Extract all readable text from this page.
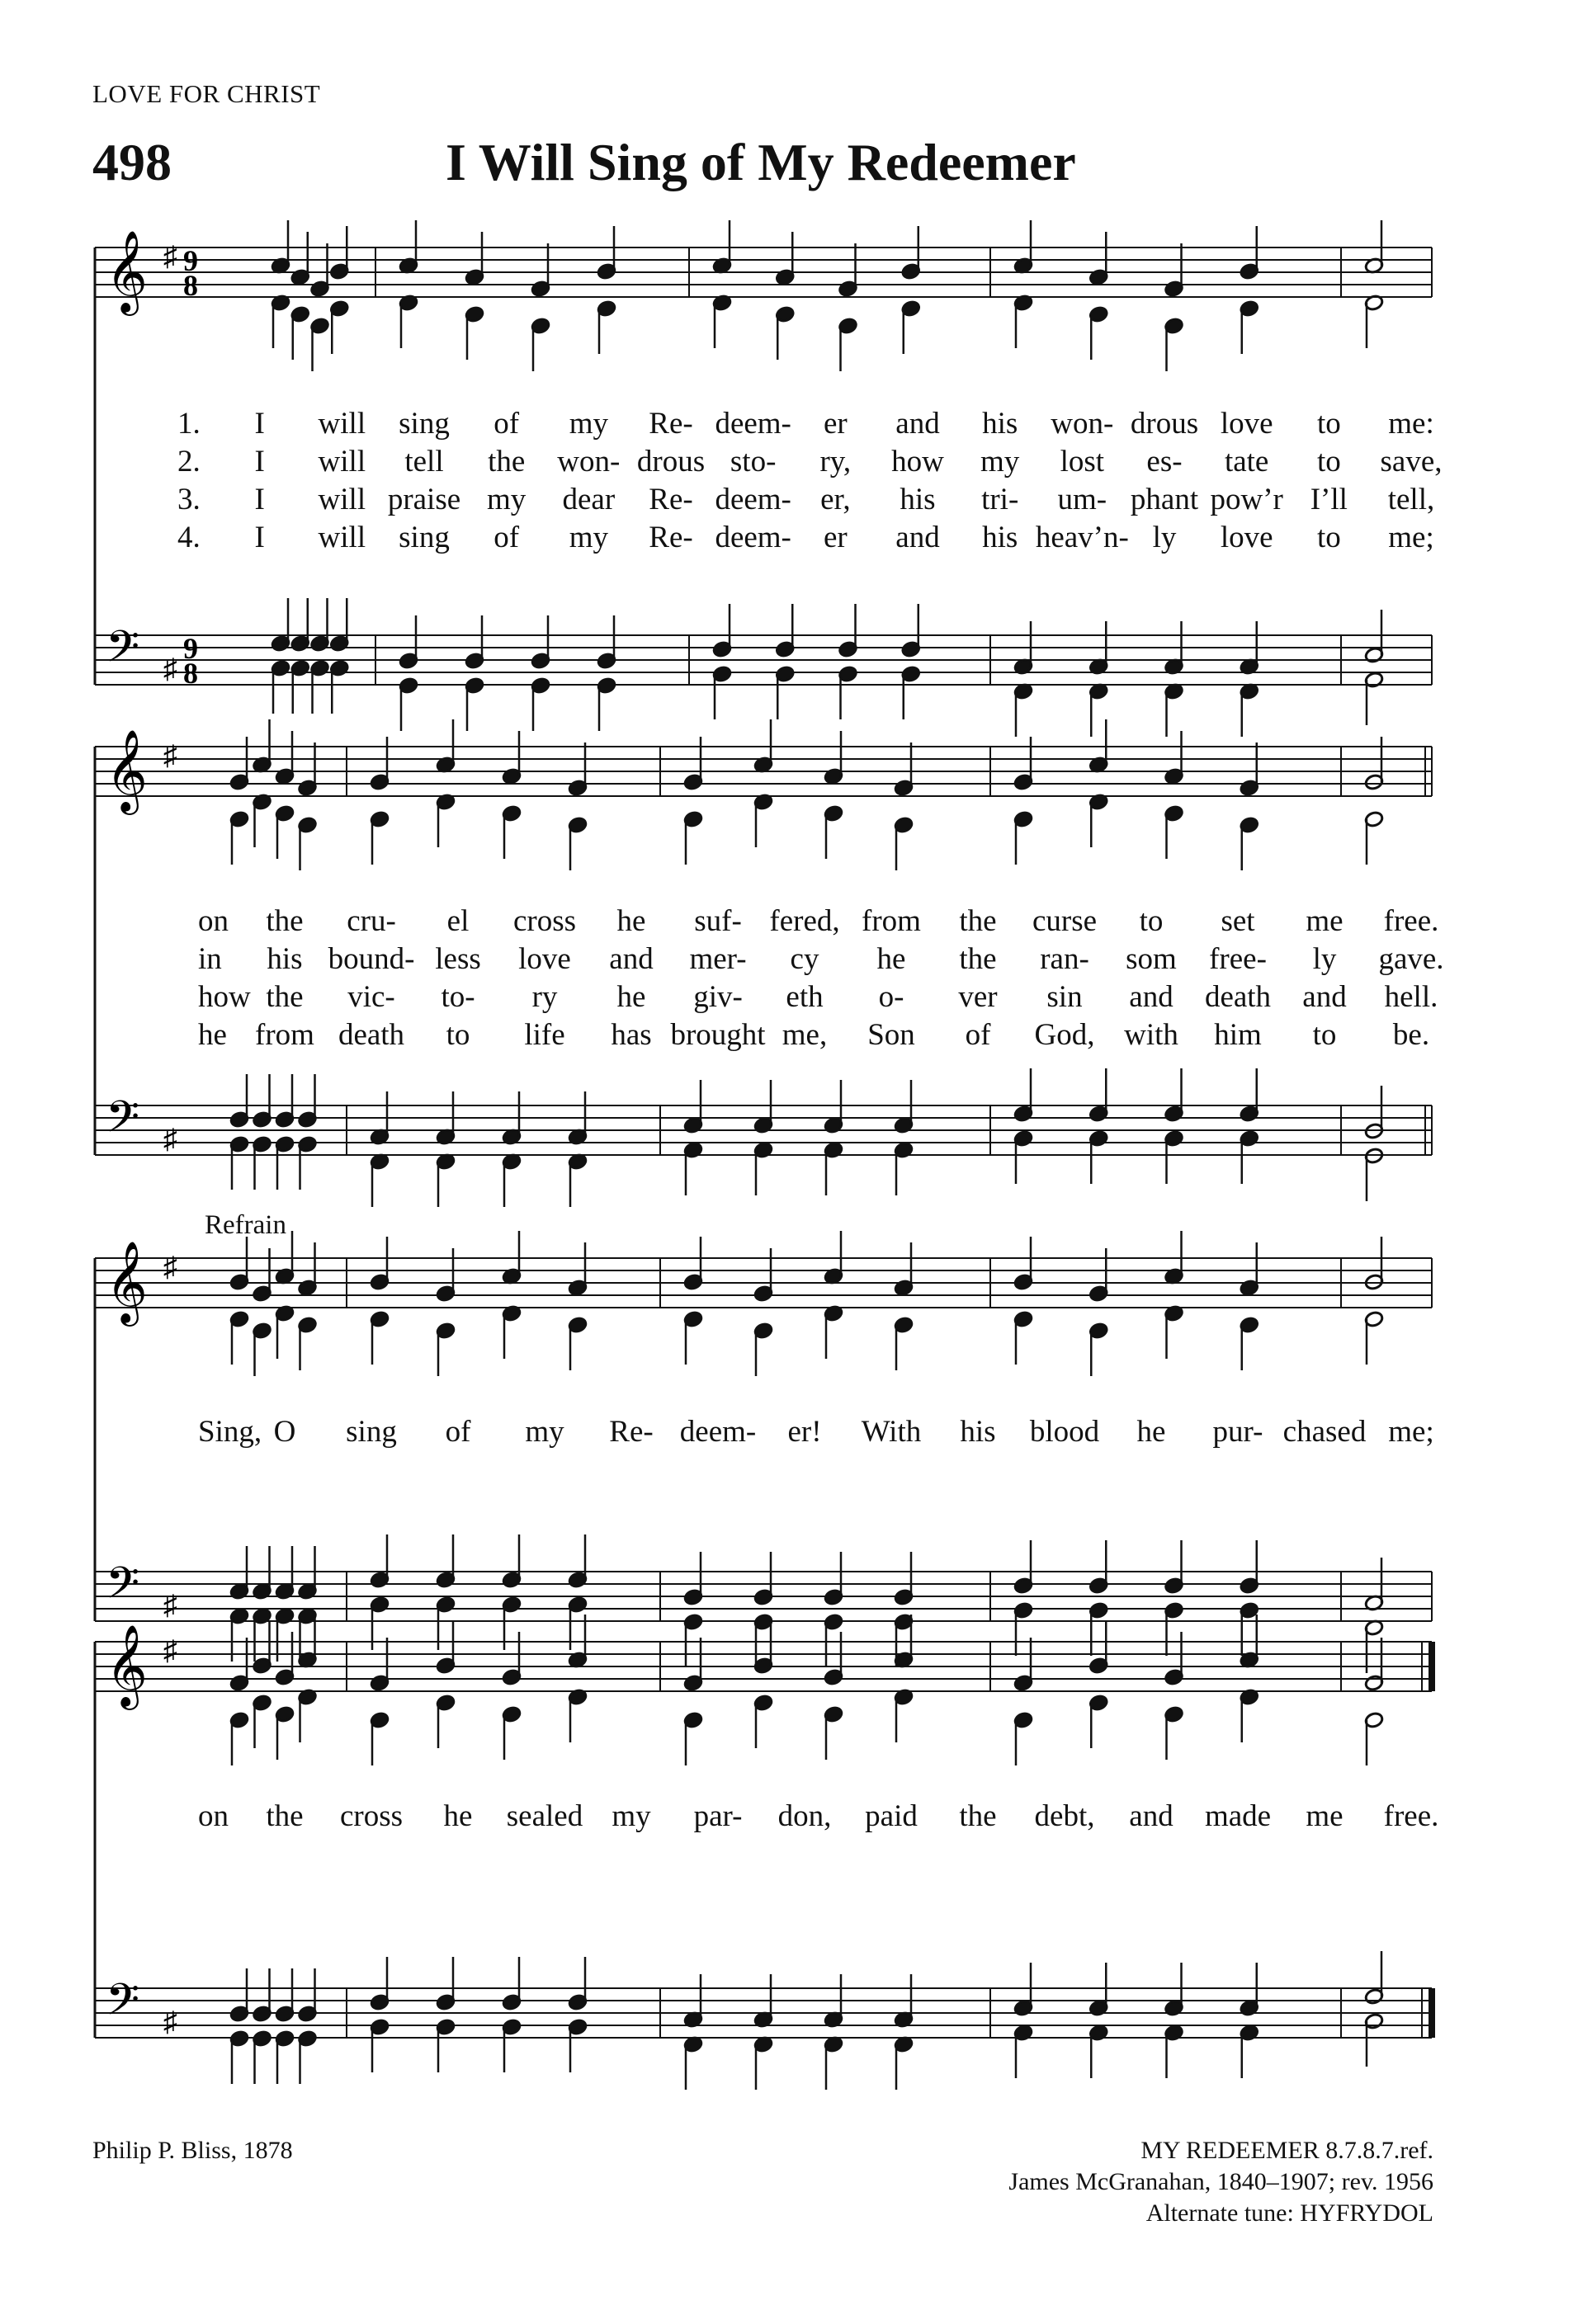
LOVE FOR CHRIST
498	I Will Sing of My Redeemer
𝄞
𝄢
♯
♯
9
8
9
8
1. I will sing of my Re- deem- er and his won- drous love to me:
2. I will tell the won- drous sto- ry, how my lost es- tate to save,
3. I will praise my dear Re- deem- er, his tri- um- phant pow’r I’ll tell,
4. I will sing of my Re- deem- er and his heav’n- ly love to me;
𝄞
𝄢
♯
♯
on the cru- el cross he suf- fered, from the curse to set me free.
in his bound- less love and mer- cy he the ran- som free- ly gave.
how the vic- to- ry he giv- eth o- ver sin and death and hell.
he from death to life has brought me, Son of God, with him to be.
𝄞
𝄢
♯
♯
Refrain
Sing, O sing of my Re- deem- er! With his blood he pur- chased me;
𝄞
𝄢
♯
♯
on the cross he sealed my par- don, paid the debt, and made me free.
Philip P. Bliss, 1878	MY REDEEMER 8.7.8.7.ref.
James McGranahan, 1840–1907; rev. 1956
Alternate tune: HYFRYDOL
